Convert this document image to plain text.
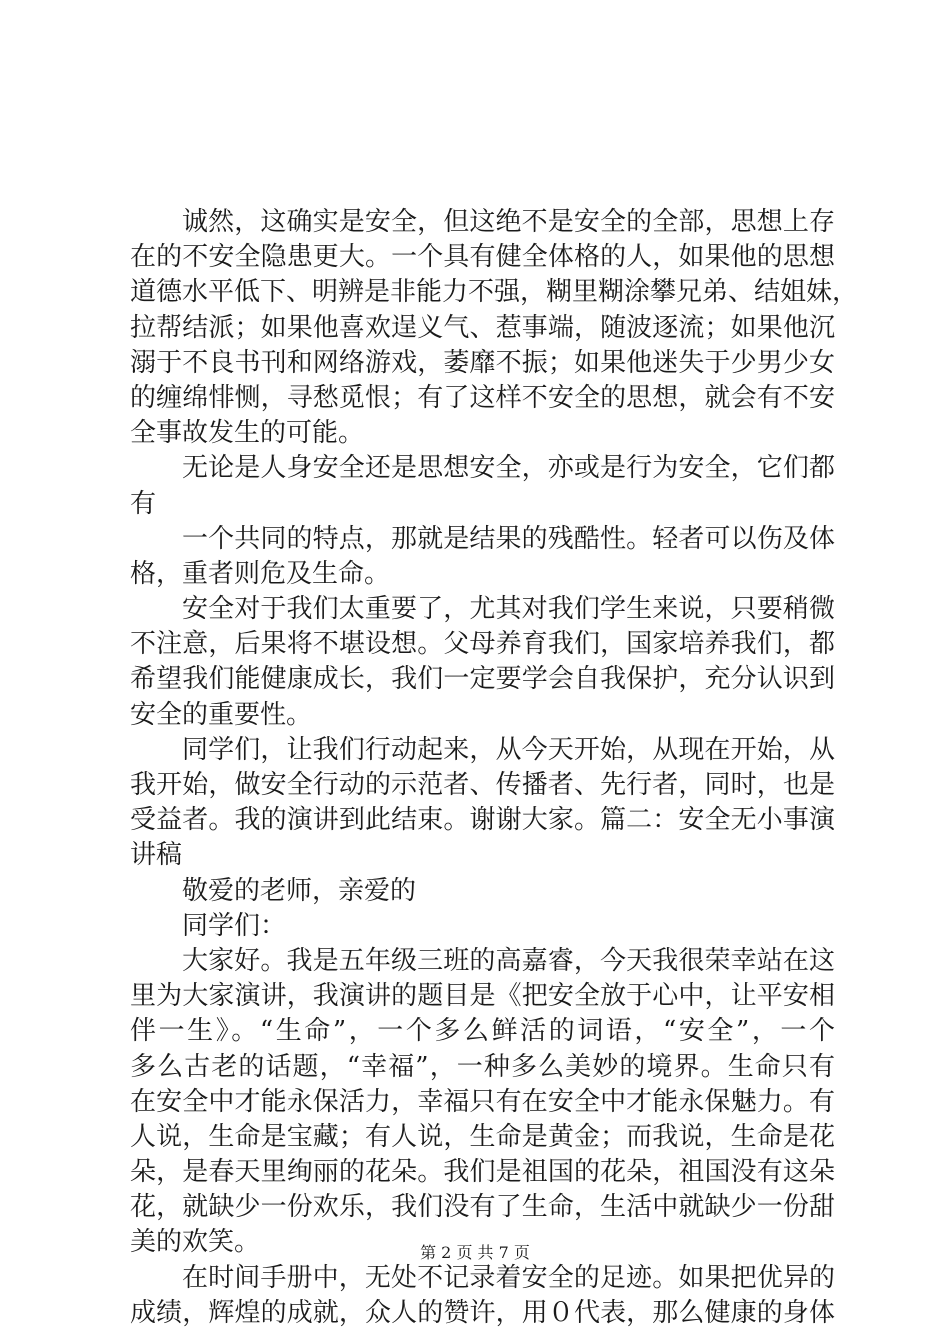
诚然，这确实是安全，但这绝不是安全的全部，思想上存
在的不安全隐患更大。一个具有健全体格的人，如果他的思想
道德水平低下、明辨是非能力不强，糊里糊涂攀兄弟、结姐妹，
拉帮结派；如果他喜欢逞义气、惹事端，随波逐流；如果他沉
溺于不良书刊和网络游戏，萎靡不振；如果他迷失于少男少女
的缠绵悱恻，寻愁觅恨；有了这样不安全的思想，就会有不安
全事故发生的可能。
无论是人身安全还是思想安全，亦或是行为安全，它们都
有
一个共同的特点，那就是结果的残酷性。轻者可以伤及体
格，重者则危及生命。
安全对于我们太重要了，尤其对我们学生来说，只要稍微
不注意，后果将不堪设想。父母养育我们，国家培养我们，都
希望我们能健康成长，我们一定要学会自我保护，充分认识到
安全的重要性。
同学们，让我们行动起来，从今天开始，从现在开始，从
我开始，做安全行动的示范者、传播者、先行者，同时，也是
受益者。我的演讲到此结束。谢谢大家。篇二：安全无小事演
讲稿
敬爱的老师，亲爱的
同学们：
大家好。我是五年级三班的高嘉睿，今天我很荣幸站在这
里为大家演讲，我演讲的题目是《把安全放于心中，让平安相
伴一生》。“生命”，一个多么鲜活的词语，“安全”，一个
多么古老的话题，“幸福”，一种多么美妙的境界。生命只有
在安全中才能永保活力，幸福只有在安全中才能永保魅力。有
人说，生命是宝藏；有人说，生命是黄金；而我说，生命是花
朵，是春天里绚丽的花朵。我们是祖国的花朵，祖国没有这朵
花，就缺少一份欢乐，我们没有了生命，生活中就缺少一份甜
美的欢笑。
在时间手册中，无处不记录着安全的足迹。如果把优异的
成绩，辉煌的成就，众人的赞许，用０代表，那么健康的身体
第 2 页 共 7 页
